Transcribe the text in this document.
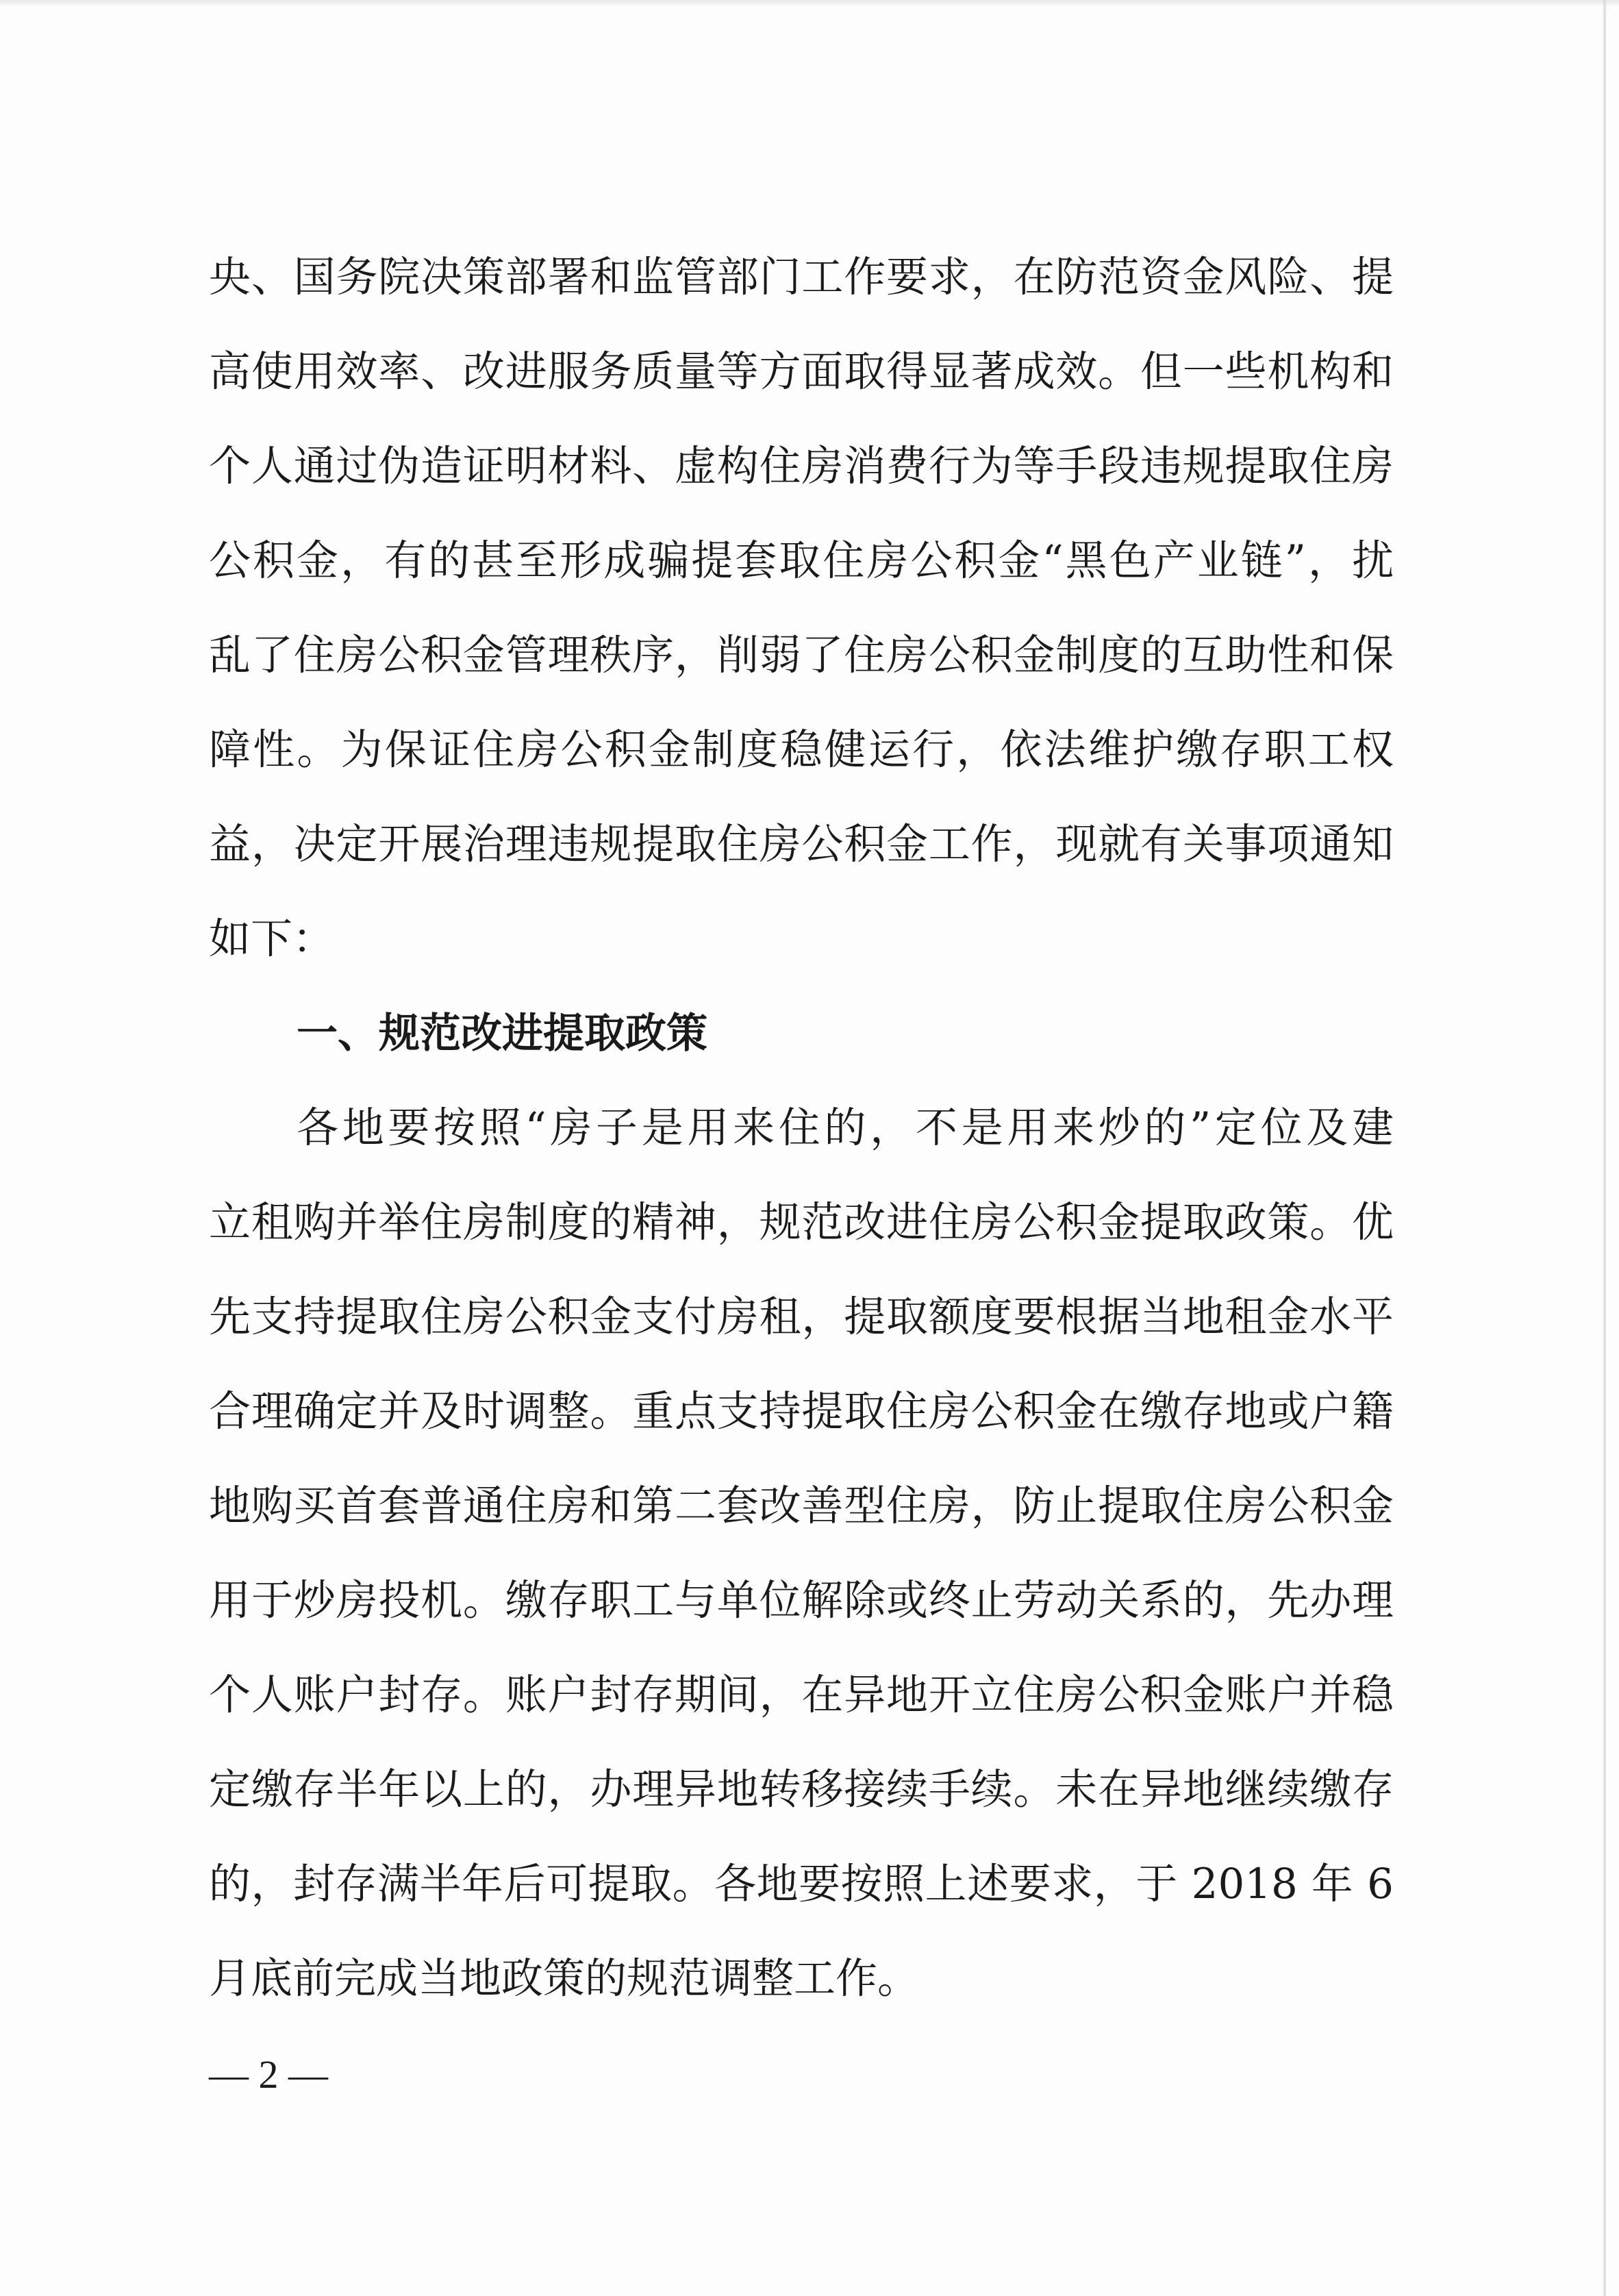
央、国务院决策部署和监管部门工作要求，在防范资金风险、提
高使用效率、改进服务质量等方面取得显著成效。但一些机构和
个人通过伪造证明材料、虚构住房消费行为等手段违规提取住房
公积金，有的甚至形成骗提套取住房公积金“黑色产业链”，扰
乱了住房公积金管理秩序，削弱了住房公积金制度的互助性和保
障性。为保证住房公积金制度稳健运行，依法维护缴存职工权
益，决定开展治理违规提取住房公积金工作，现就有关事项通知
如下：
一、规范改进提取政策
各地要按照“房子是用来住的，不是用来炒的”定位及建
立租购并举住房制度的精神，规范改进住房公积金提取政策。优
先支持提取住房公积金支付房租，提取额度要根据当地租金水平
合理确定并及时调整。重点支持提取住房公积金在缴存地或户籍
地购买首套普通住房和第二套改善型住房，防止提取住房公积金
用于炒房投机。缴存职工与单位解除或终止劳动关系的，先办理
个人账户封存。账户封存期间，在异地开立住房公积金账户并稳
定缴存半年以上的，办理异地转移接续手续。未在异地继续缴存
的，封存满半年后可提取。各地要按照上述要求，于 2018 年 6
月底前完成当地政策的规范调整工作。
— 2 —
